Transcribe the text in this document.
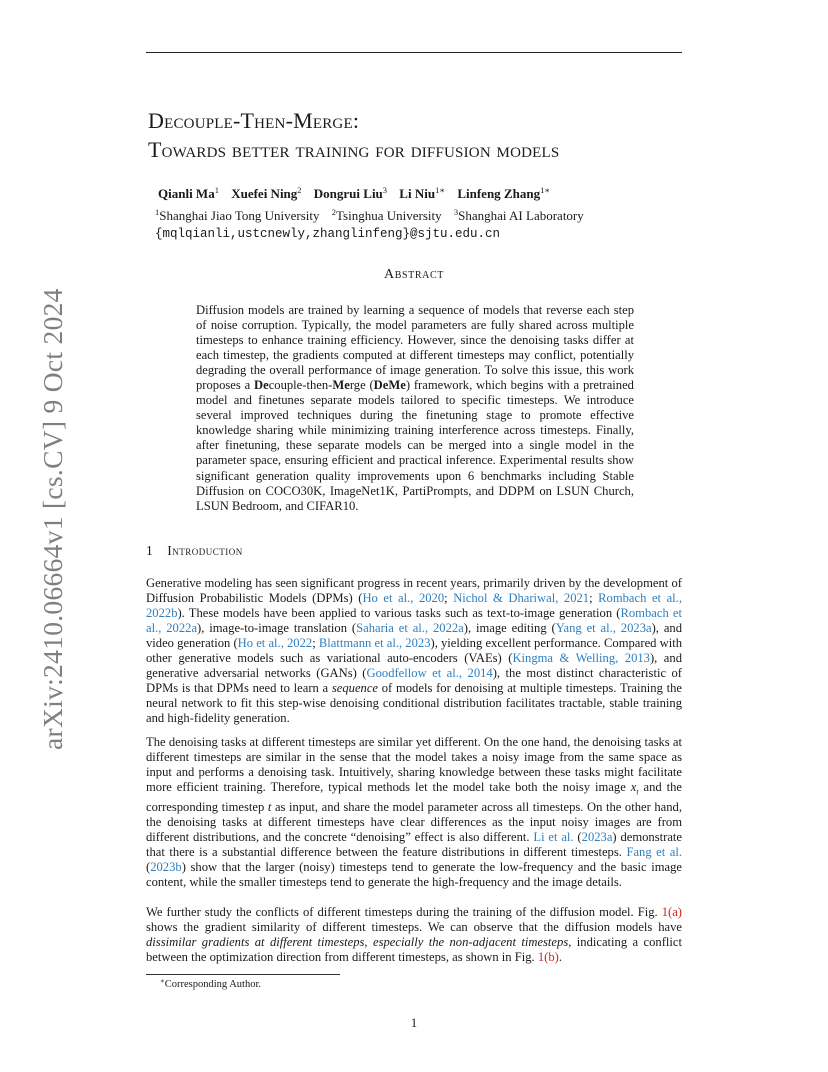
arXiv:2410.06664v1 [cs.CV] 9 Oct 2024
Decouple-Then-Merge:
Towards better training for diffusion models
Qianli Ma$^1$ Xuefei Ning$^2$ Dongrui Liu$^3$ Li Niu$^{1∗}$ Linfeng Zhang$^{1∗}$
$^1$Shanghai Jiao Tong University $^2$Tsinghua University $^3$Shanghai AI Laboratory
{mqlqianli,ustcnewly,zhanglinfeng}@sjtu.edu.cn
Abstract
Diffusion models are trained by learning a sequence of models that reverse each step of noise corruption. Typically, the model parameters are fully shared across multiple timesteps to enhance training efficiency. However, since the denoising tasks differ at each timestep, the gradients computed at different timesteps may conflict, potentially degrading the overall performance of image generation. To solve this issue, this work proposes a Decouple-then-Merge (DeMe) framework, which begins with a pretrained model and finetunes separate models tailored to specific timesteps. We introduce several improved techniques during the finetuning stage to promote effective knowledge sharing while minimizing training interference across timesteps. Finally, after finetuning, these separate models can be merged into a single model in the parameter space, ensuring efficient and practical inference. Experimental results show significant generation quality improvements upon 6 benchmarks including Stable Diffusion on COCO30K, ImageNet1K, PartiPrompts, and DDPM on LSUN Church, LSUN Bedroom, and CIFAR10.
1 Introduction
Generative modeling has seen significant progress in recent years, primarily driven by the development of Diffusion Probabilistic Models (DPMs) (Ho et al., 2020; Nichol & Dhariwal, 2021; Rombach et al., 2022b). These models have been applied to various tasks such as text-to-image generation (Rombach et al., 2022a), image-to-image translation (Saharia et al., 2022a), image editing (Yang et al., 2023a), and video generation (Ho et al., 2022; Blattmann et al., 2023), yielding excellent performance. Compared with other generative models such as variational auto-encoders (VAEs) (Kingma & Welling, 2013), and generative adversarial networks (GANs) (Goodfellow et al., 2014), the most distinct characteristic of DPMs is that DPMs need to learn a sequence of models for denoising at multiple timesteps. Training the neural network to fit this step-wise denoising conditional distribution facilitates tractable, stable training and high-fidelity generation.
The denoising tasks at different timesteps are similar yet different. On the one hand, the denoising tasks at different timesteps are similar in the sense that the model takes a noisy image from the same space as input and performs a denoising task. Intuitively, sharing knowledge between these tasks might facilitate more efficient training. Therefore, typical methods let the model take both the noisy image $x_t$ and the corresponding timestep t as input, and share the model parameter across all timesteps. On the other hand, the denoising tasks at different timesteps have clear differences as the input noisy images are from different distributions, and the concrete “denoising” effect is also different. Li et al. (2023a) demonstrate that there is a substantial difference between the feature distributions in different timesteps. Fang et al. (2023b) show that the larger (noisy) timesteps tend to generate the low-frequency and the basic image content, while the smaller timesteps tend to generate the high-frequency and the image details.
We further study the conflicts of different timesteps during the training of the diffusion model. Fig. 1(a) shows the gradient similarity of different timesteps. We can observe that the diffusion models have dissimilar gradients at different timesteps, especially the non-adjacent timesteps, indicating a conflict between the optimization direction from different timesteps, as shown in Fig. 1(b).
∗Corresponding Author.
1
